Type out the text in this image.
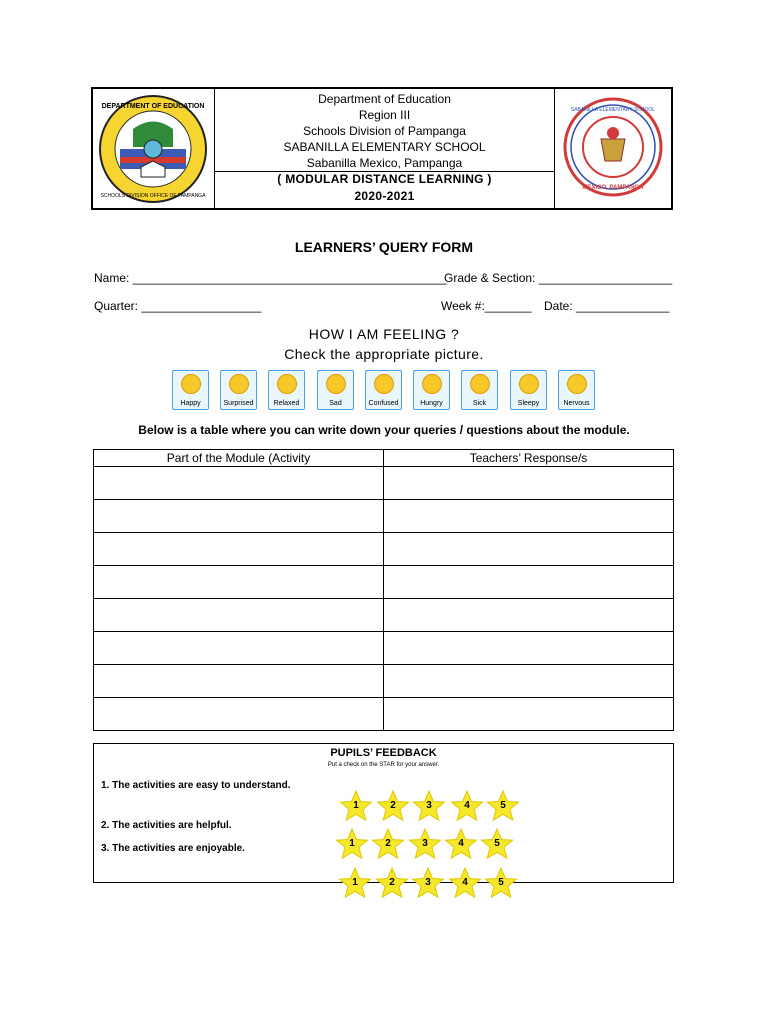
DEPARTMENT OF EDUCATION
SCHOOLS DIVISION OFFICE OF PAMPANGA
Department of Education
Region III
Schools Division of Pampanga
SABANILLA ELEMENTARY SCHOOL
Sabanilla Mexico, Pampanga
( MODULAR DISTANCE LEARNING )
2020-2021
SABANILLA ELEMENTARY SCHOOL
MEXICO, PAMPANGA
LEARNERS’ QUERY FORM
Name: _______________________________________________
Grade & Section: ____________________
Quarter: __________________	Week #:_______ Date: ______________
HOW I AM FEELING ?
Check the appropriate picture.
Happy	Surprised	Relaxed	Sad	Confused	Hungry	Sick	Sleepy	Nervous
Below is a table where you can write down your queries / questions about the module.
Part of the Module (Activity	Teachers’ Response/s

PUPILS’ FEEDBACK
Put a check on the STAR for your answer.
1. The activities are easy to understand.
2. The activities are helpful.
3. The activities are enjoyable.
1	2	3	4	5
1	2	3	4	5
1	2	3	4	5
